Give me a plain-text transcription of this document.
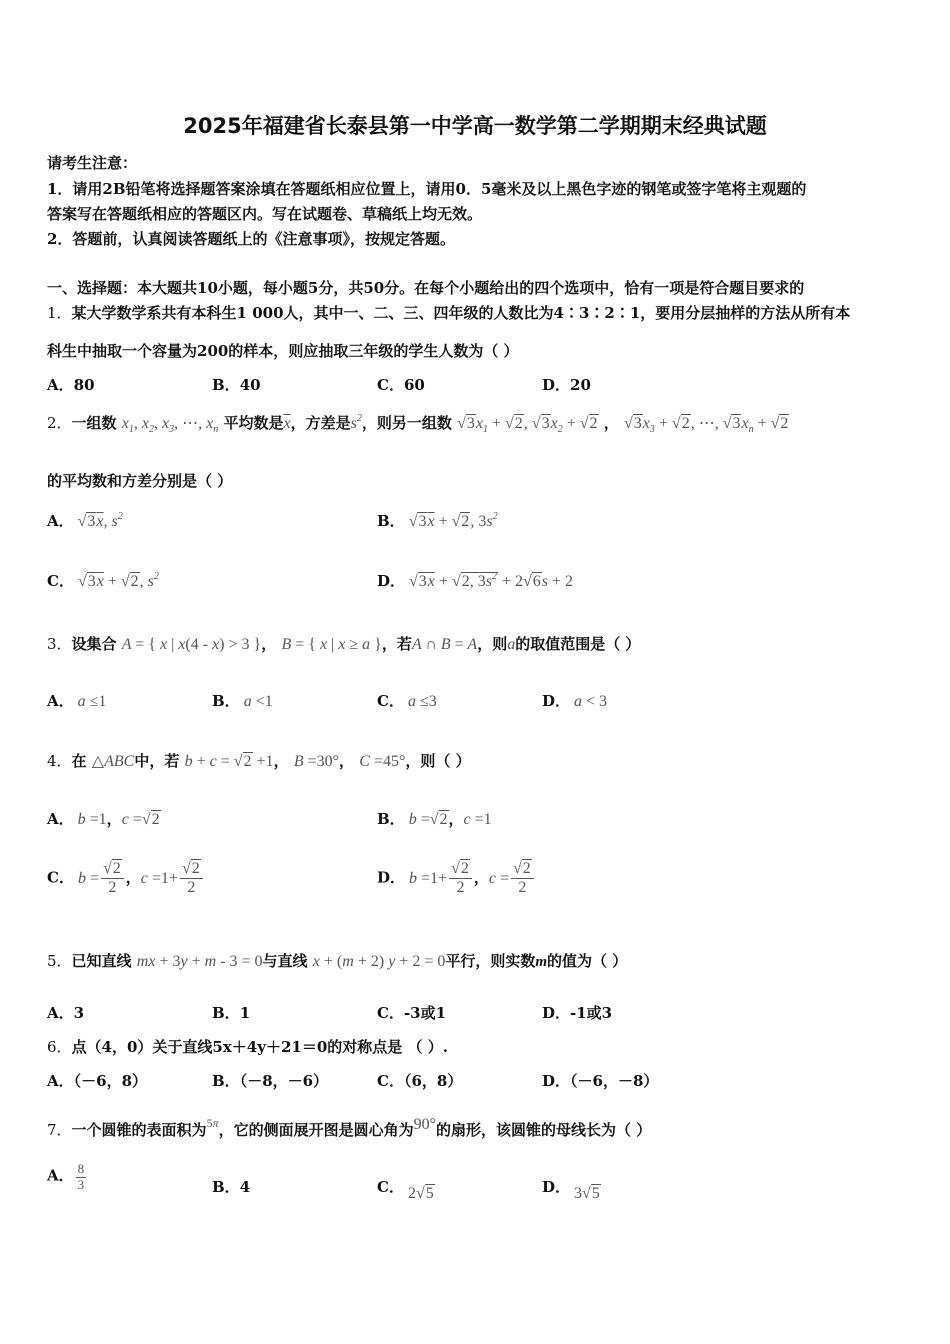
2025年福建省长泰县第一中学高一数学第二学期期末经典试题
请考生注意：
1．请用2B铅笔将选择题答案涂填在答题纸相应位置上，请用0．5毫米及以上黑色字迹的钢笔或签字笔将主观题的
答案写在答题纸相应的答题区内。写在试题卷、草稿纸上均无效。
2．答题前，认真阅读答题纸上的《注意事项》，按规定答题。
一、选择题：本大题共10小题，每小题5分，共50分。在每个小题给出的四个选项中，恰有一项是符合题目要求的
1．某大学数学系共有本科生1 000人，其中一、二、三、四年级的人数比为4∶3∶2∶1，要用分层抽样的方法从所有本
科生中抽取一个容量为200的样本，则应抽取三年级的学生人数为（ ）
A．80	B．40	C．60	D．20
2．一组数 $x_1$, $x_2$, $x_3$, ⋯, $x_n$ 平均数是$\overline{x}$，方差是$s^2$，则另一组数 $√3x_1 + √2$, $√3x_2 + √2$ ， $√3x_3 + √2$, ⋯, $√3x_n + √2$
的平均数和方差分别是（ ）
A． $√3\overline{x}$, $s^2$	B． $√3\overline{x} + √2$, $3s^2$
C． $√3\overline{x} + √2$, $s^2$	D． $√3\overline{x} + √2$, $3s^2 + 2√6s + 2$
3．设集合 A = { x | x(4 - x) > 3 }， B = { x | x ≥ a }，若A ∩ B = A，则a的取值范围是（ ）
A． a ≤1	B． a <1	C． a ≤3	D． a < 3
4．在 △ABC中，若 b + c = √2 +1， B =30°， C =45°，则（ ）
A． b =1，c =√2	B． b =√2，c =1
C． $b = \frac{√2}{2}$ ，$c =1+ \frac{√2}{2}$	D． $b =1+ \frac{√2}{2}$ ，$c = \frac{√2}{2}$
5．已知直线 mx + 3y + m - 3 = 0与直线 x + (m + 2) y + 2 = 0平行，则实数m的值为（ ）
A．3	B．1	C．-3或1	D．-1或3
6．点（4，0）关于直线5x＋4y＋21＝0的对称点是 （ ）.
A．（－6，8）	B．（－8，－6）	C．（6，8）	D．（－6，－8）
7．一个圆锥的表面积为$^{5\pi}$，它的侧面展开图是圆心角为90°的扇形，该圆锥的母线长为（ ）
A． $\frac{8}{3}$	B．4	C． 2√5	D． 3√5
